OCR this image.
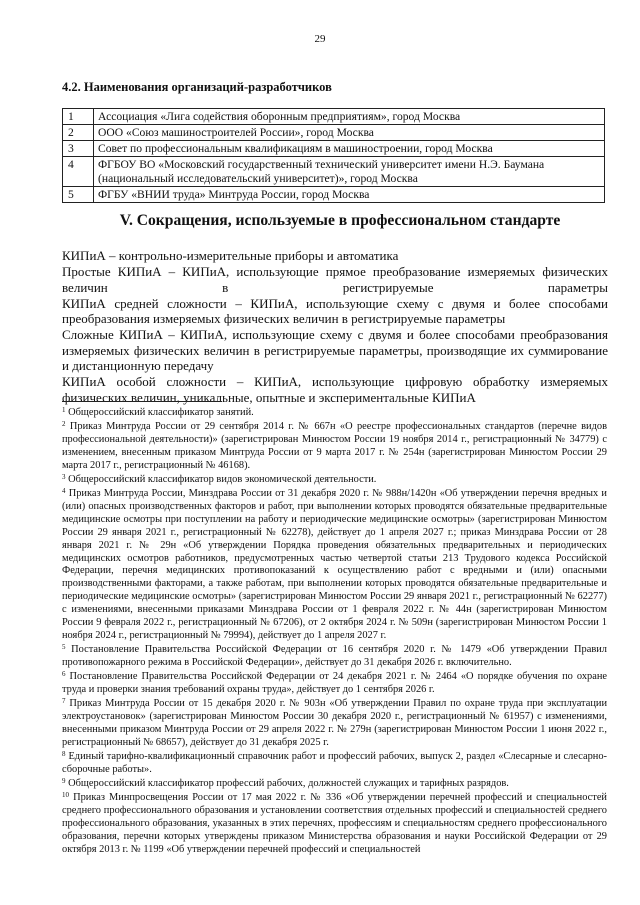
29
4.2. Наименования организаций-разработчиков
1	Ассоциация «Лига содействия оборонным предприятиям», город Москва
2	ООО «Союз машиностроителей России», город Москва
3	Совет по профессиональным квалификациям в машиностроении, город Москва
4	ФГБОУ ВО «Московский государственный технический университет имени Н.Э. Баумана (национальный исследовательский университет)», город Москва
5	ФГБУ «ВНИИ труда» Минтруда России, город Москва
V. Сокращения, используемые в профессиональном стандарте

КИПиА – контрольно-измерительные приборы и автоматика

Простые КИПиА – КИПиА, использующие прямое преобразование измеряемых физических величин в регистрируемые параметры

КИПиА средней сложности – КИПиА, использующие схему с двумя и более способами преобразования измеряемых физических величин в регистрируемые параметры

Сложные КИПиА – КИПиА, использующие схему с двумя и более способами преобразования измеряемых физических величин в регистрируемые параметры, производящие их суммирование и дистанционную передачу

КИПиА особой сложности – КИПиА, использующие цифровую обработку измеряемых физических величин, уникальные, опытные и экспериментальные КИПиА

$^1$ Общероссийский классификатор занятий.

$^2$ Приказ Минтруда России от 29 сентября 2014 г. № 667н «О реестре профессиональных стандартов (перечне видов профессиональной деятельности)» (зарегистрирован Минюстом России 19 ноября 2014 г., регистрационный № 34779) с изменением, внесенным приказом Минтруда России от 9 марта 2017 г. № 254н (зарегистрирован Минюстом России 29 марта 2017 г., регистрационный № 46168).

$^3$ Общероссийский классификатор видов экономической деятельности.

$^4$ Приказ Минтруда России, Минздрава России от 31 декабря 2020 г. № 988н/1420н «Об утверждении перечня вредных и (или) опасных производственных факторов и работ, при выполнении которых проводятся обязательные предварительные медицинские осмотры при поступлении на работу и периодические медицинские осмотры» (зарегистрирован Минюстом России 29 января 2021 г., регистрационный № 62278), действует до 1 апреля 2027 г.; приказ Минздрава России от 28 января 2021 г. № 29н «Об утверждении Порядка проведения обязательных предварительных и периодических медицинских осмотров работников, предусмотренных частью четвертой статьи 213 Трудового кодекса Российской Федерации, перечня медицинских противопоказаний к осуществлению работ с вредными и (или) опасными производственными факторами, а также работам, при выполнении которых проводятся обязательные предварительные и периодические медицинские осмотры» (зарегистрирован Минюстом России 29 января 2021 г., регистрационный № 62277) с изменениями, внесенными приказами Минздрава России от 1 февраля 2022 г. № 44н (зарегистрирован Минюстом России 9 февраля 2022 г., регистрационный № 67206), от 2 октября 2024 г. № 509н (зарегистрирован Минюстом России 1 ноября 2024 г., регистрационный № 79994), действует до 1 апреля 2027 г.

$^5$ Постановление Правительства Российской Федерации от 16 сентября 2020 г. № 1479 «Об утверждении Правил противопожарного режима в Российской Федерации», действует до 31 декабря 2026 г. включительно.

$^6$ Постановление Правительства Российской Федерации от 24 декабря 2021 г. № 2464 «О порядке обучения по охране труда и проверки знания требований охраны труда», действует до 1 сентября 2026 г.

$^7$ Приказ Минтруда России от 15 декабря 2020 г. № 903н «Об утверждении Правил по охране труда при эксплуатации электроустановок» (зарегистрирован Минюстом России 30 декабря 2020 г., регистрационный № 61957) с изменениями, внесенными приказом Минтруда России от 29 апреля 2022 г. № 279н (зарегистрирован Минюстом России 1 июня 2022 г., регистрационный № 68657), действует до 31 декабря 2025 г.

$^8$ Единый тарифно-квалификационный справочник работ и профессий рабочих, выпуск 2, раздел «Слесарные и слесарно-сборочные работы».

$^9$ Общероссийский классификатор профессий рабочих, должностей служащих и тарифных разрядов.

$^{10}$ Приказ Минпросвещения России от 17 мая 2022 г. № 336 «Об утверждении перечней профессий и специальностей среднего профессионального образования и установлении соответствия отдельных профессий и специальностей среднего профессионального образования, указанных в этих перечнях, профессиям и специальностям среднего профессионального образования, перечни которых утверждены приказом Министерства образования и науки Российской Федерации от 29 октября 2013 г. № 1199 «Об утверждении перечней профессий и специальностей
